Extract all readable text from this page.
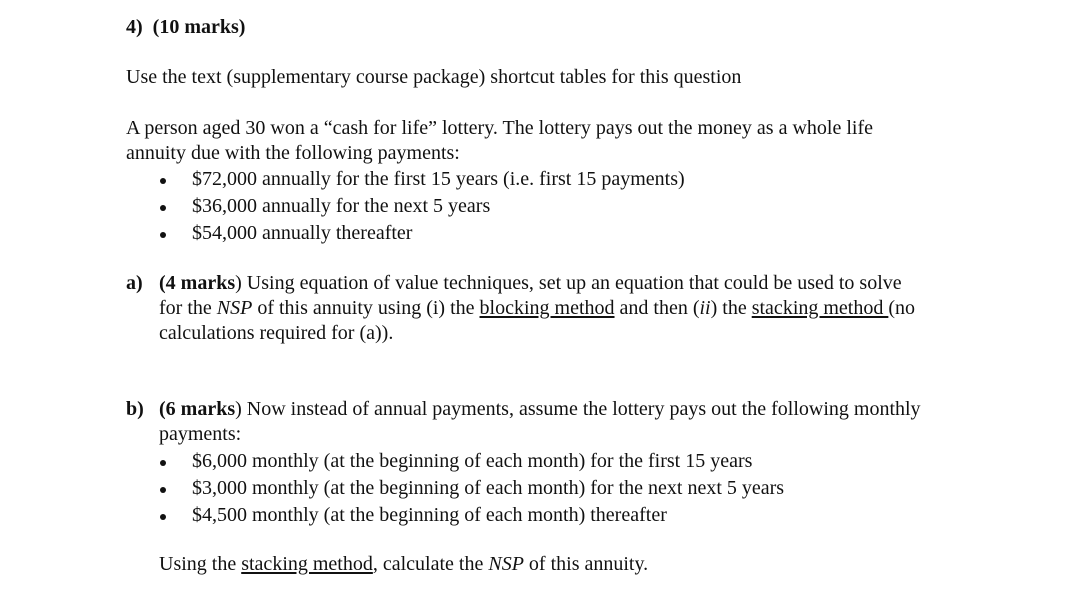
4) (10 marks)
Use the text (supplementary course package) shortcut tables for this question
A person aged 30 won a “cash for life” lottery. The lottery pays out the money as a whole life
annuity due with the following payments:
$72,000 annually for the first 15 years (i.e. first 15 payments)
$36,000 annually for the next 5 years
$54,000 annually thereafter
a) (4 marks) Using equation of value techniques, set up an equation that could be used to solve
for the NSP of this annuity using (i) the blocking method and then (ii) the stacking method (no
calculations required for (a)).
b) (6 marks) Now instead of annual payments, assume the lottery pays out the following monthly
payments:
$6,000 monthly (at the beginning of each month) for the first 15 years
$3,000 monthly (at the beginning of each month) for the next next 5 years
$4,500 monthly (at the beginning of each month) thereafter
Using the stacking method, calculate the NSP of this annuity.
